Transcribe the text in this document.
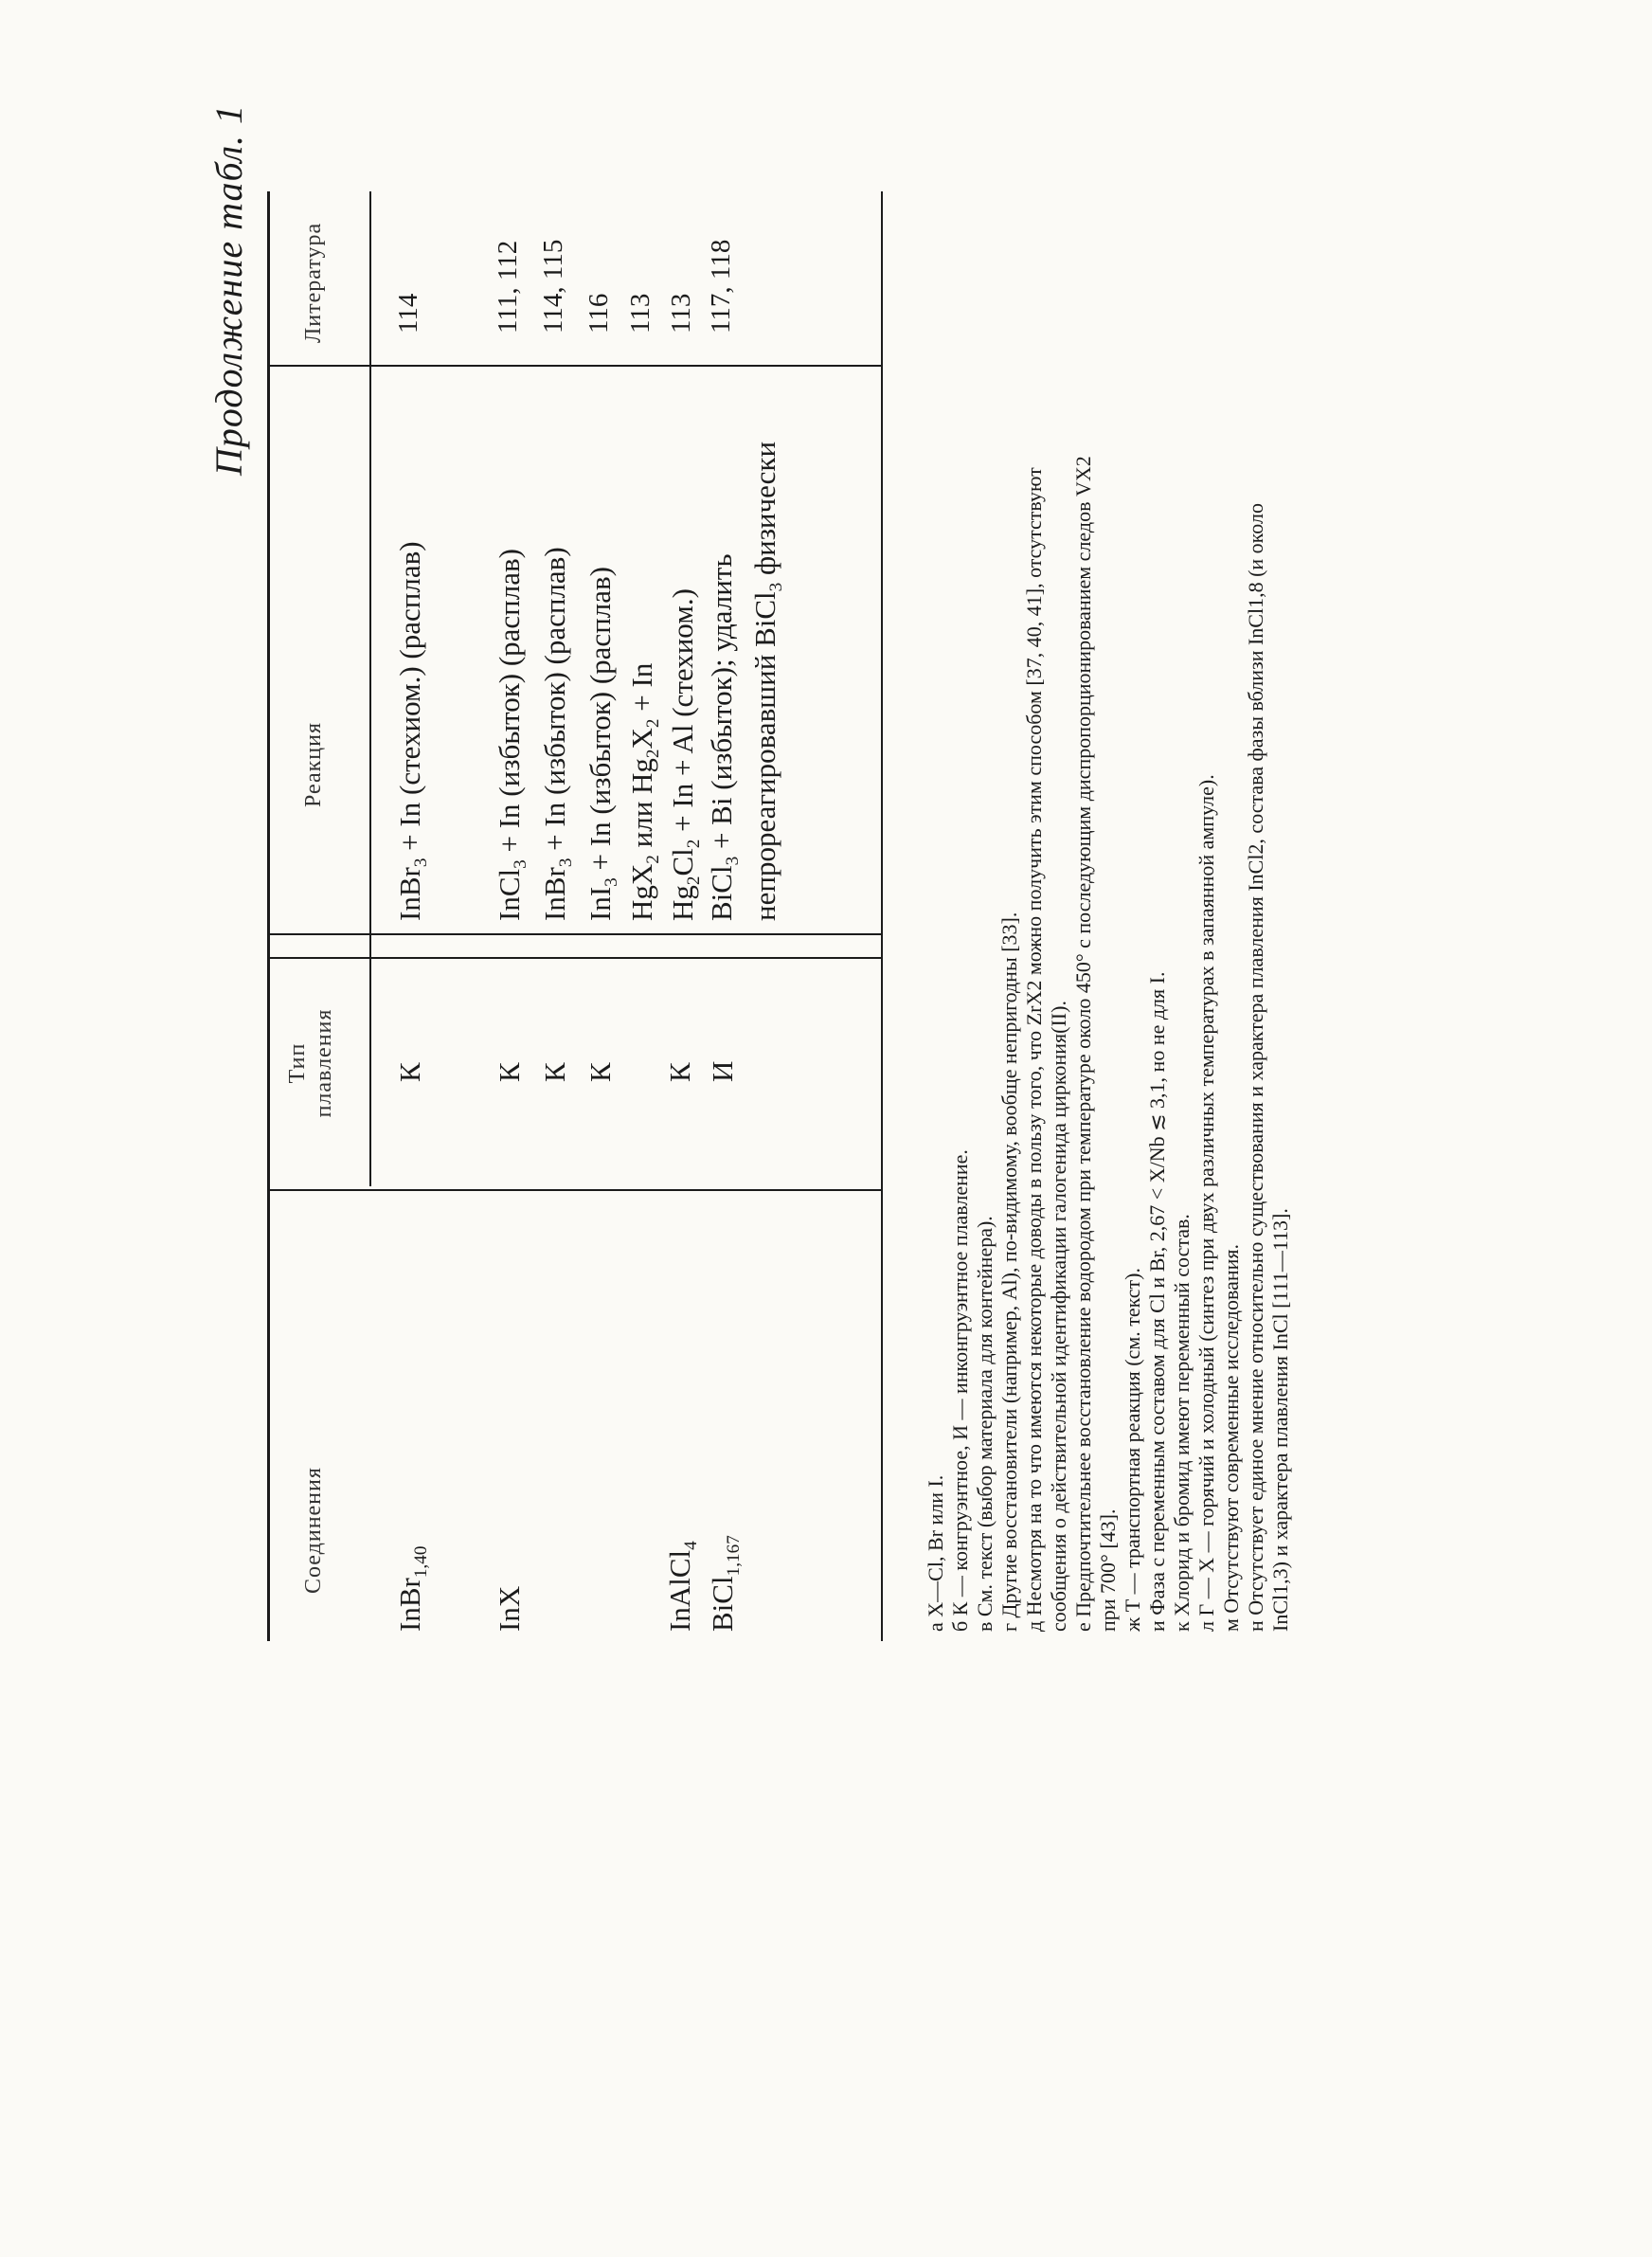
Продолжение табл. 1
Соединения
Тип плавления
Реакция
Литература
InBr$_{1,40}$
InX	InAlCl$_4$
BiCl$_{1,167}$
К К К К К И
InBr$_3$ + In (стехиом.) (расплав)
InCl$_3$ + In (избыток) (расплав)
InBr$_3$ + In (избыток) (расплав)
InI$_3$ + In (избыток) (расплав)
HgX$_2$ или $Hg_2X_2 + In$
$Hg_2Cl_2 + In + Al$ (стехиом.)
BiCl$_3$ + Bi (избыток); удалить непрореагировавший BiCl$_3$ физически
114	111, 112 114, 115 116 113 113 117, 118
а X—Cl, Br или I. б К — конгруэнтное, И — инконгруэнтное плавление. в См. текст (выбор материала для контейнера). г Другие восстановители (например, Al), по-видимому, вообще непригодны [33]. д Несмотря на то что имеются некоторые доводы в пользу того, что ZrX2 можно получить этим способом [37, 40, 41], отсутствуют сообщения о действительной идентификации галогенида циркония(II). е Предпочтительнее восстановление водородом при температуре около 450° с последующим диспропорционированием следов VX2 при 700° [43]. ж Т — транспортная реакция (см. текст). и Фаза с переменным составом для Cl и Br, 2,67 < X/Nb ≲ 3,1, но не для I. к Хлорид и бромид имеют переменный состав. л Г — X — горячий и холодный (синтез при двух различных температурах в запаянной ампуле). м Отсутствуют современные исследования. н Отсутствует единое мнение относительно существования и характера плавления InCl2, состава фазы вблизи InCl1,8 (и около InCl1,3) и характера плавления InCl [111—113].
